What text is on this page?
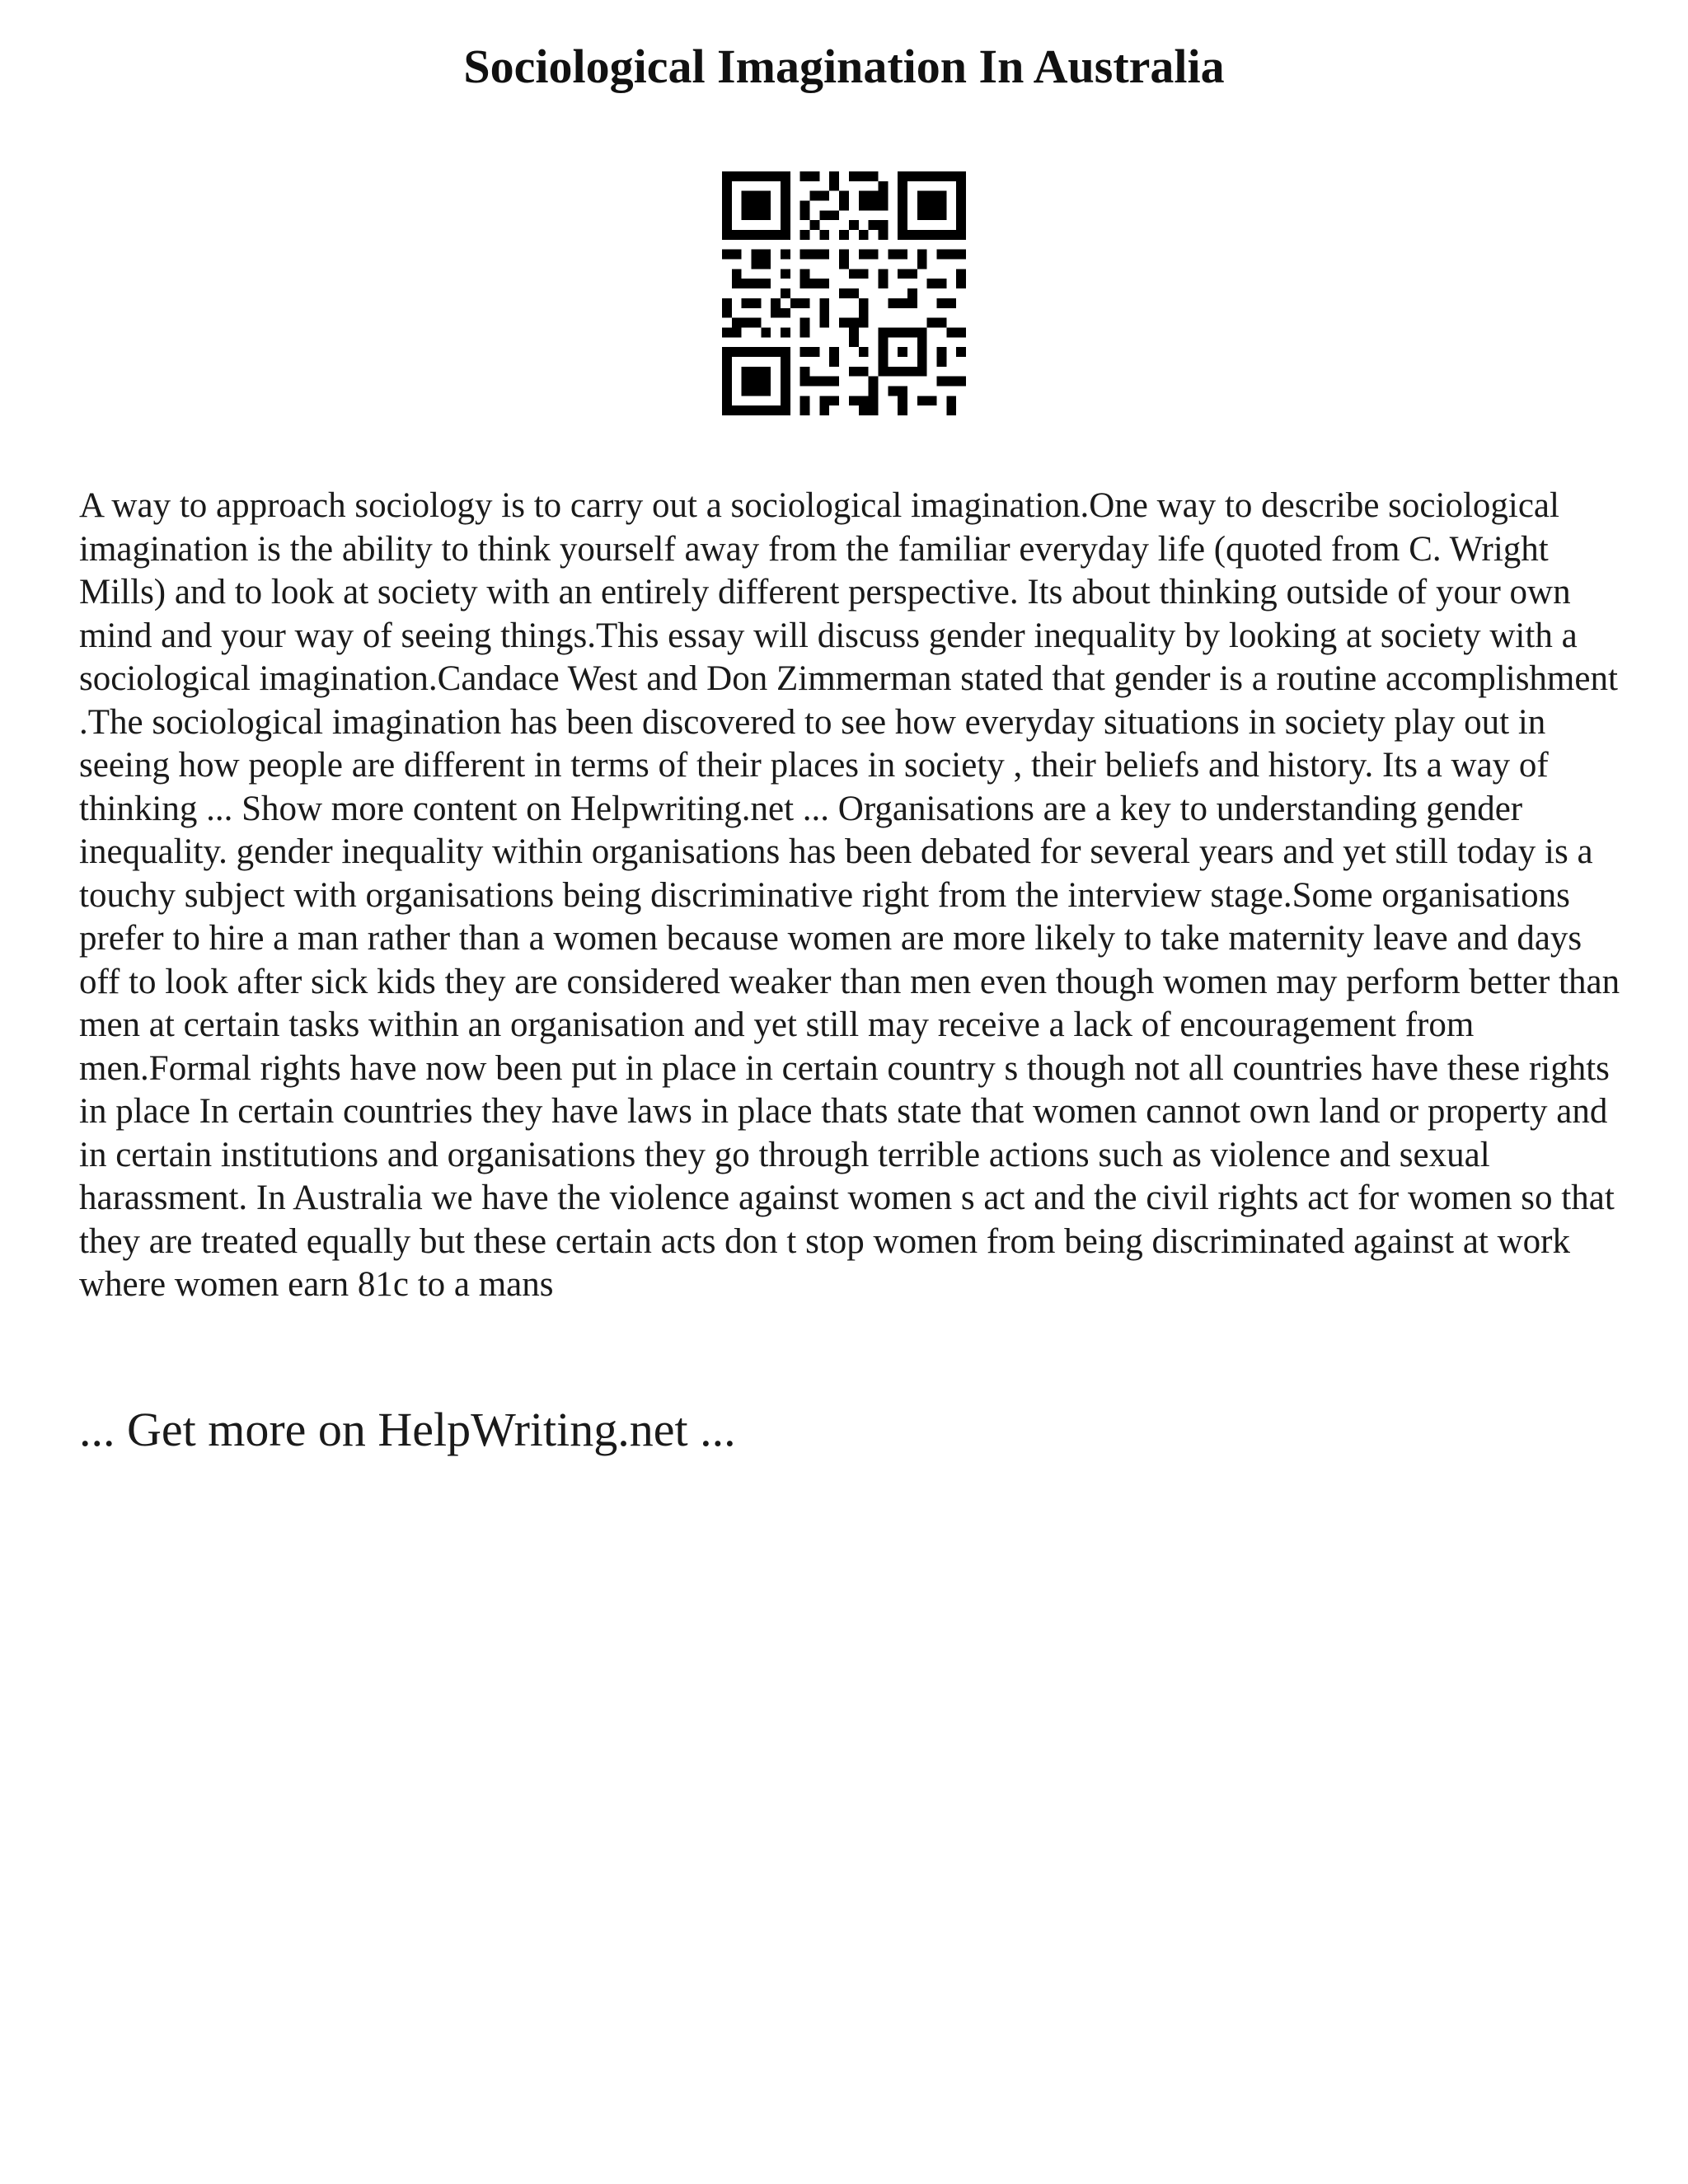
Sociological Imagination In Australia

A way to approach sociology is to carry out a sociological imagination.One way to describe sociological imagination is the ability to think yourself away from the familiar everyday life (quoted from C. Wright Mills) and to look at society with an entirely different perspective. Its about thinking outside of your own mind and your way of seeing things.This essay will discuss gender inequality by looking at society with a sociological imagination.Candace West and Don Zimmerman stated that gender is a routine accomplishment .The sociological imagination has been discovered to see how everyday situations in society play out in seeing how people are different in terms of their places in society , their beliefs and history. Its a way of thinking ... Show more content on Helpwriting.net ... Organisations are a key to understanding gender inequality. gender inequality within organisations has been debated for several years and yet still today is a touchy subject with organisations being discriminative right from the interview stage.Some organisations prefer to hire a man rather than a women because women are more likely to take maternity leave and days off to look after sick kids they are considered weaker than men even though women may perform better than men at certain tasks within an organisation and yet still may receive a lack of encouragement from men.Formal rights have now been put in place in certain country s though not all countries have these rights in place In certain countries they have laws in place thats state that women cannot own land or property and in certain institutions and organisations they go through terrible actions such as violence and sexual harassment. In Australia we have the violence against women s act and the civil rights act for women so that they are treated equally but these certain acts don t stop women from being discriminated against at work where women earn 81c to a mans

... Get more on HelpWriting.net ...
